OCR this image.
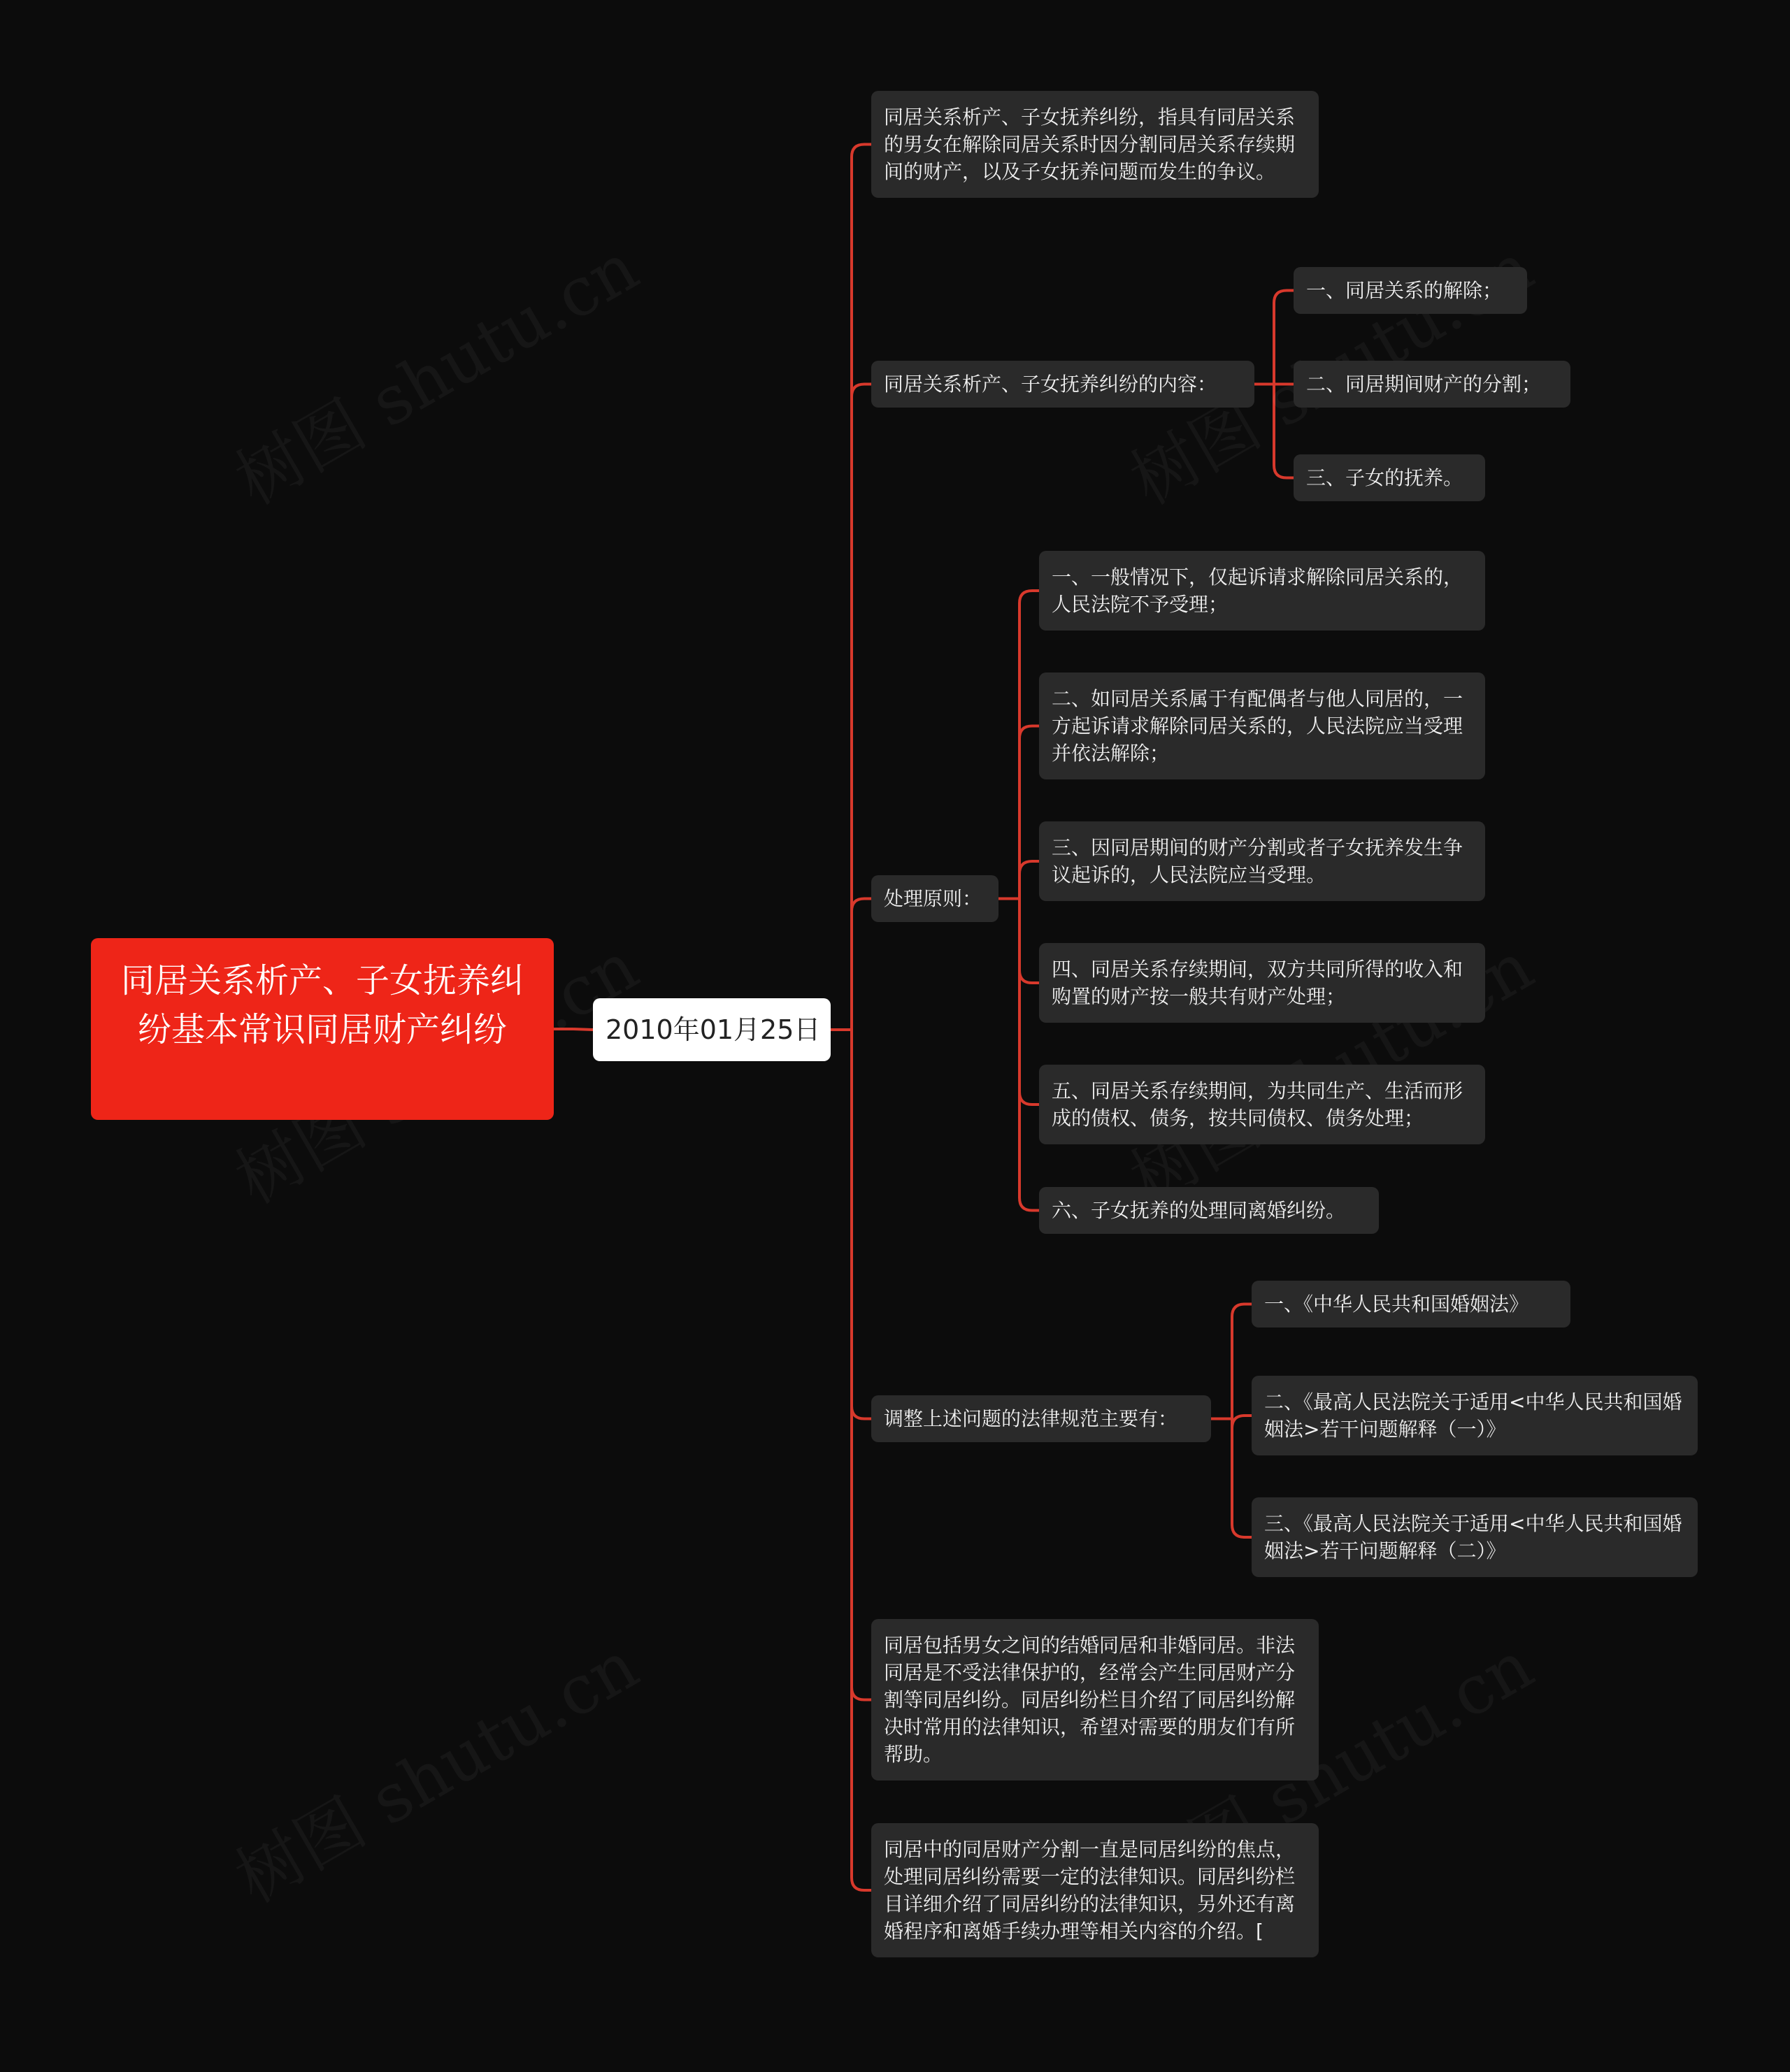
同居关系析产、子女抚养纠纷基本常识同居财产纠纷	2010年01月25日
同居关系析产、子女抚养纠纷，指具有同居关系的男女在解除同居关系时因分割同居关系存续期间的财产，以及子女抚养问题而发生的争议。
同居关系析产、子女抚养纠纷的内容：
一、同居关系的解除；
二、同居期间财产的分割；
三、子女的抚养。
处理原则：
一、一般情况下，仅起诉请求解除同居关系的，人民法院不予受理；
二、如同居关系属于有配偶者与他人同居的，一方起诉请求解除同居关系的，人民法院应当受理并依法解除；
三、因同居期间的财产分割或者子女抚养发生争议起诉的，人民法院应当受理。
四、同居关系存续期间，双方共同所得的收入和购置的财产按一般共有财产处理；
五、同居关系存续期间，为共同生产、生活而形成的债权、债务，按共同债权、债务处理；
六、子女抚养的处理同离婚纠纷。
调整上述问题的法律规范主要有：
一、《中华人民共和国婚姻法》
二、《最高人民法院关于适用<中华人民共和国婚姻法>若干问题解释（一）》
三、《最高人民法院关于适用<中华人民共和国婚姻法>若干问题解释（二）》
同居包括男女之间的结婚同居和非婚同居。非法同居是不受法律保护的，经常会产生同居财产分割等同居纠纷。同居纠纷栏目介绍了同居纠纷解决时常用的法律知识，希望对需要的朋友们有所帮助。
同居中的同居财产分割一直是同居纠纷的焦点，处理同居纠纷需要一定的法律知识。同居纠纷栏目详细介绍了同居纠纷的法律知识，另外还有离婚程序和离婚手续办理等相关内容的介绍。[
